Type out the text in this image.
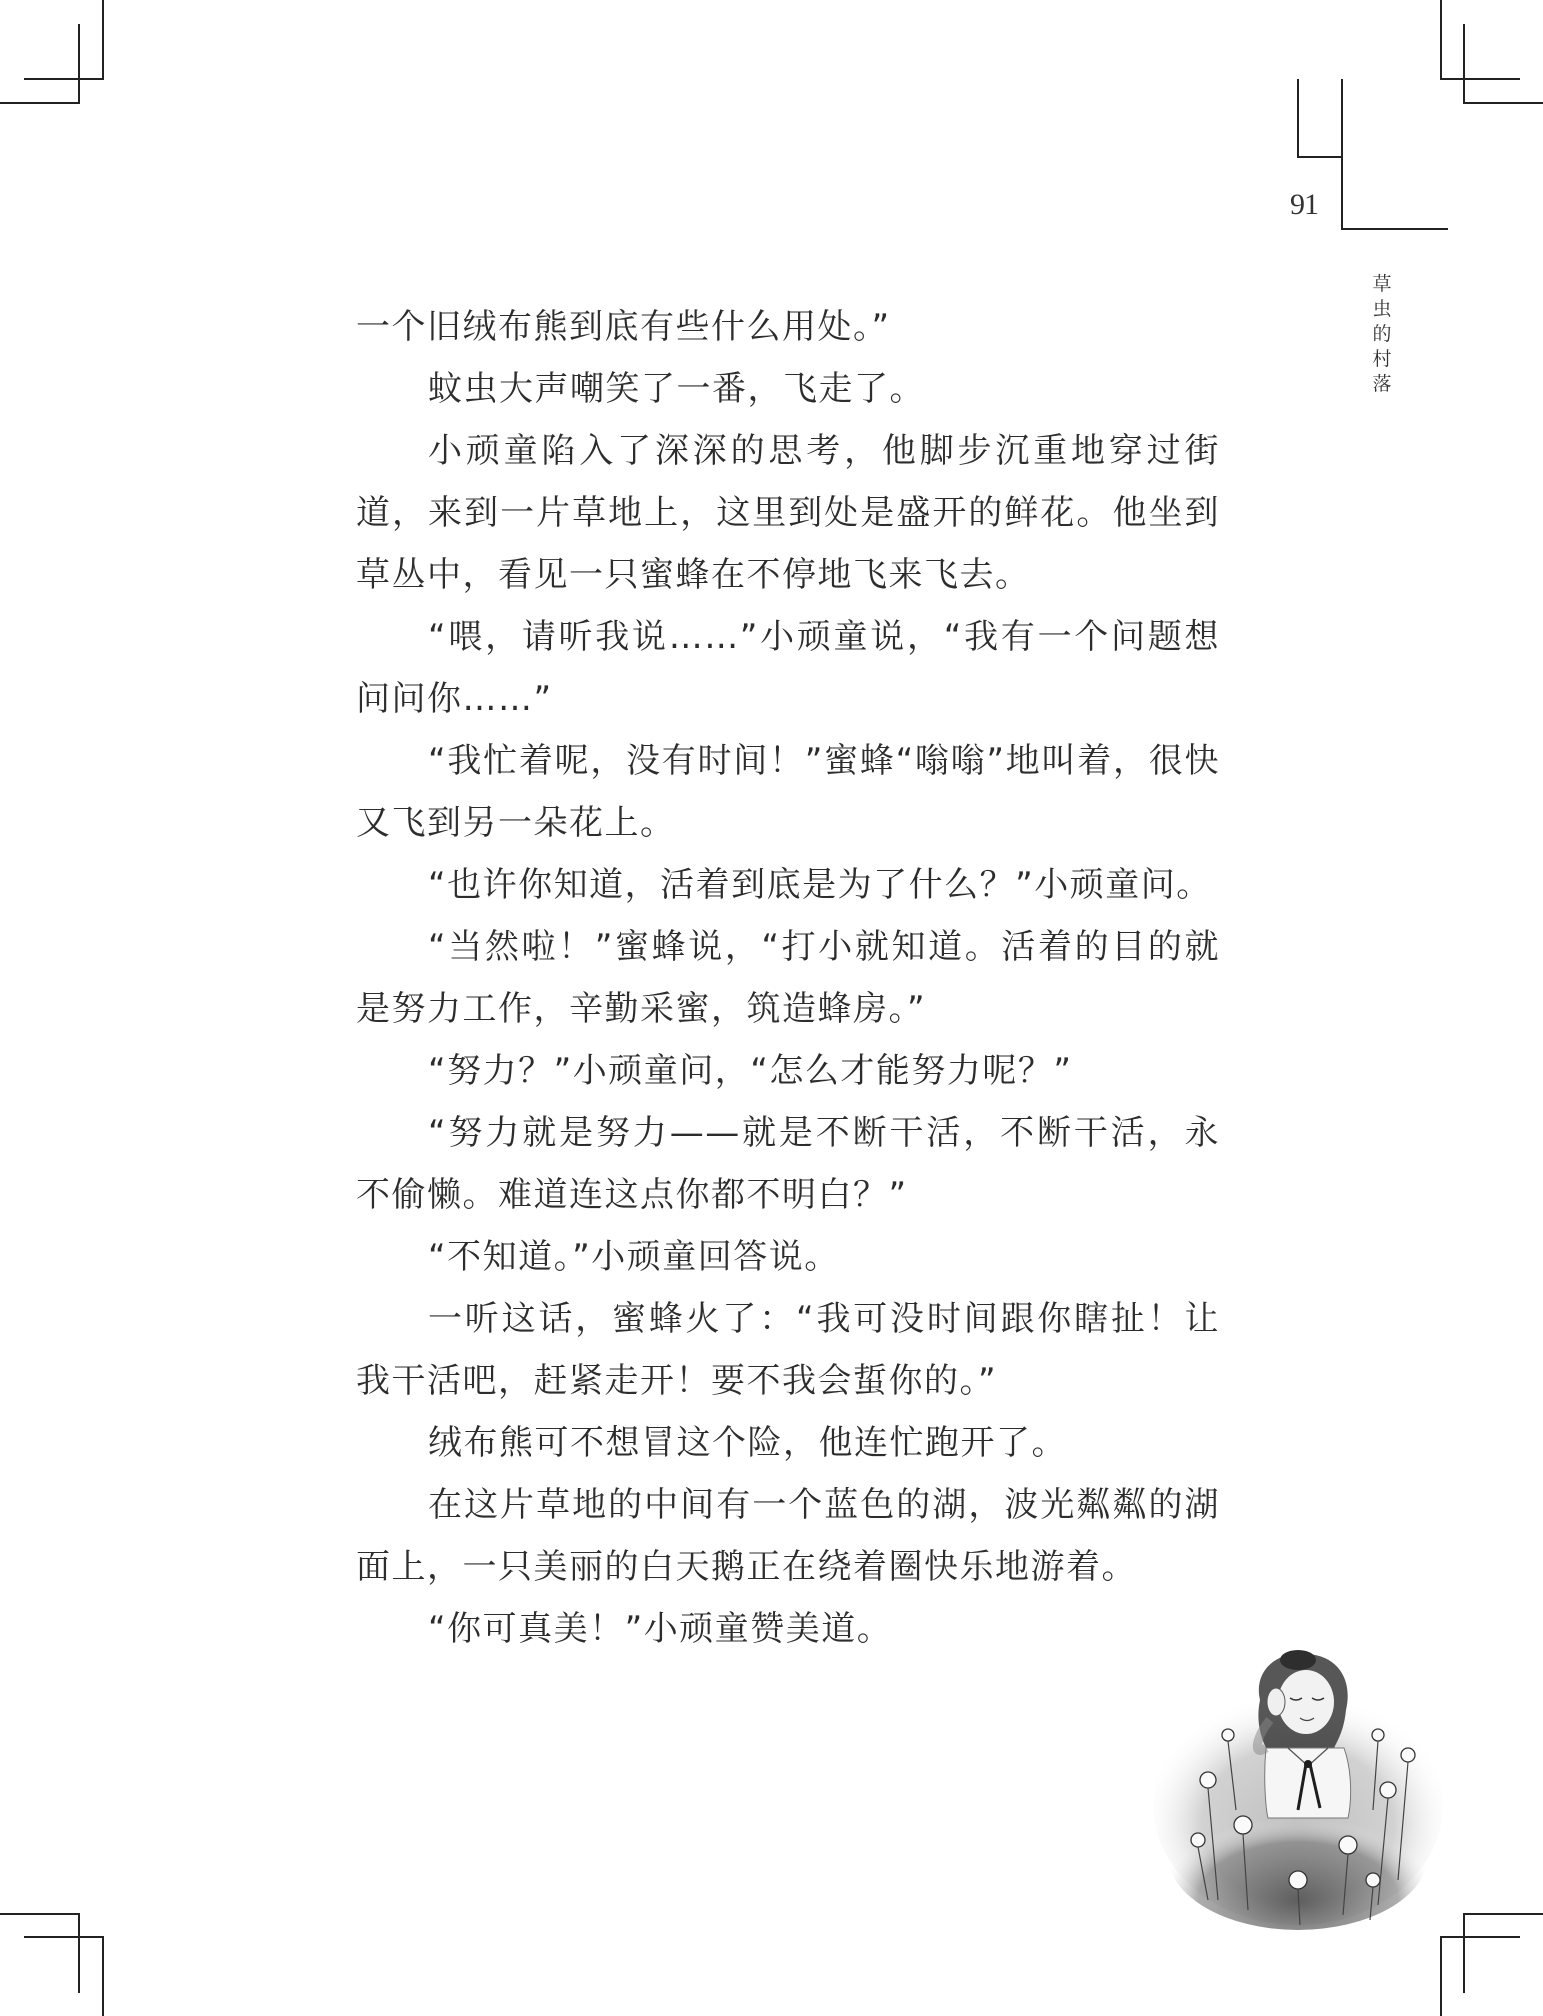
91
草
虫
的
村
落

一个旧绒布熊到底有些什么用处。”

蚊虫大声嘲笑了一番，飞走了。

小顽童陷入了深深的思考，他脚步沉重地穿过街道，来到一片草地上，这里到处是盛开的鲜花。他坐到草丛中，看见一只蜜蜂在不停地飞来飞去。

“喂，请听我说……”小顽童说，“我有一个问题想问问你……”

“我忙着呢，没有时间！”蜜蜂“嗡嗡”地叫着，很快又飞到另一朵花上。

“也许你知道，活着到底是为了什么？”小顽童问。

“当然啦！”蜜蜂说，“打小就知道。活着的目的就是努力工作，辛勤采蜜，筑造蜂房。”

“努力？”小顽童问，“怎么才能努力呢？”

“努力就是努力——就是不断干活，不断干活，永不偷懒。难道连这点你都不明白？”

“不知道。”小顽童回答说。

一听这话，蜜蜂火了：“我可没时间跟你瞎扯！让我干活吧，赶紧走开！要不我会蜇你的。”

绒布熊可不想冒这个险，他连忙跑开了。

在这片草地的中间有一个蓝色的湖，波光粼粼的湖面上，一只美丽的白天鹅正在绕着圈快乐地游着。

“你可真美！”小顽童赞美道。
